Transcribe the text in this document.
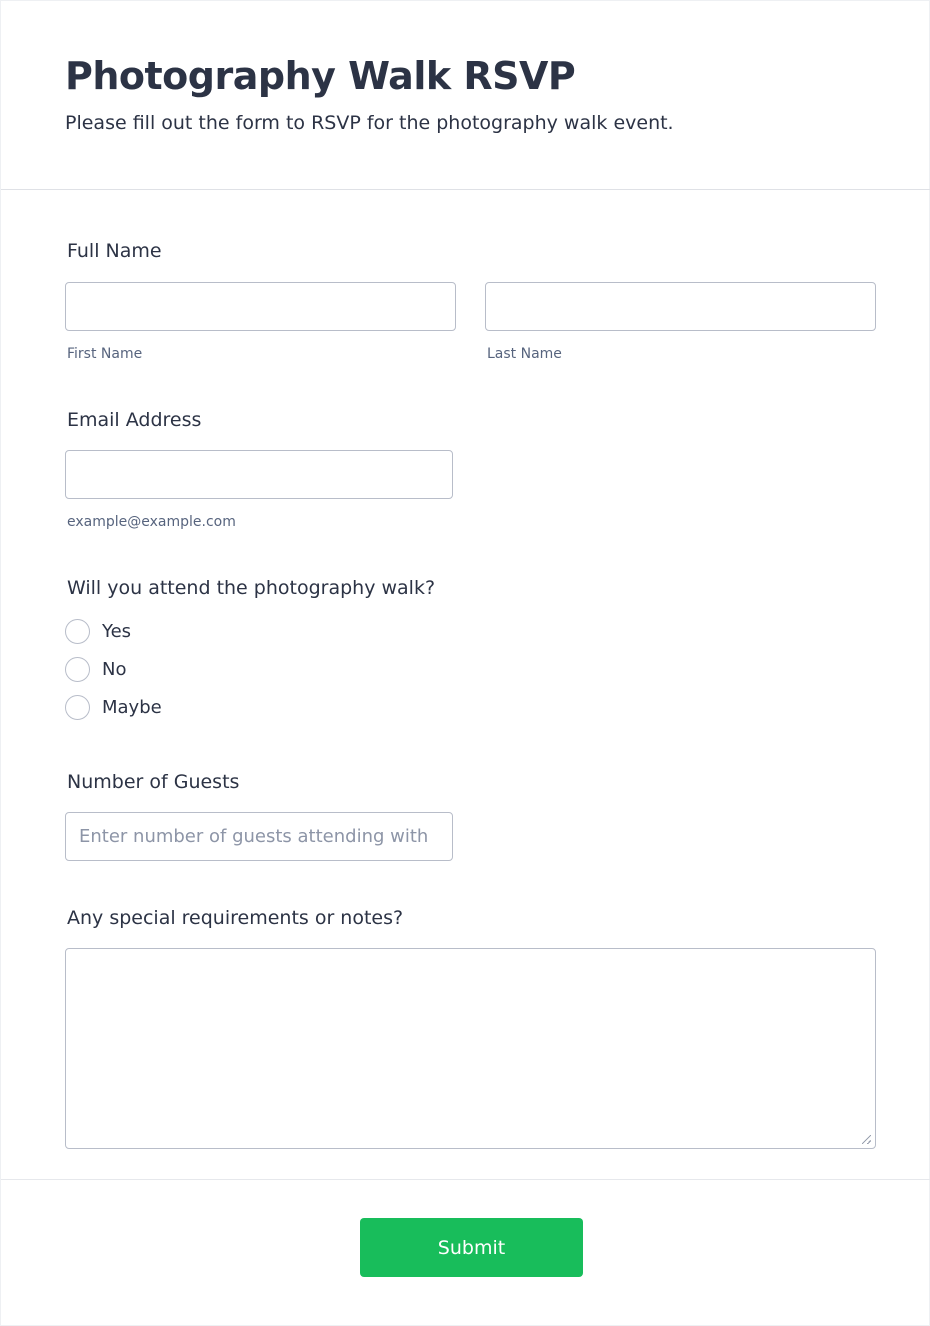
Photography Walk RSVP
Please fill out the form to RSVP for the photography walk event.
Full Name
First Name	Last Name
Email Address
example@example.com
Will you attend the photography walk?
Yes
No
Maybe
Number of Guests
Enter number of guests attending with
Any special requirements or notes?
Submit
